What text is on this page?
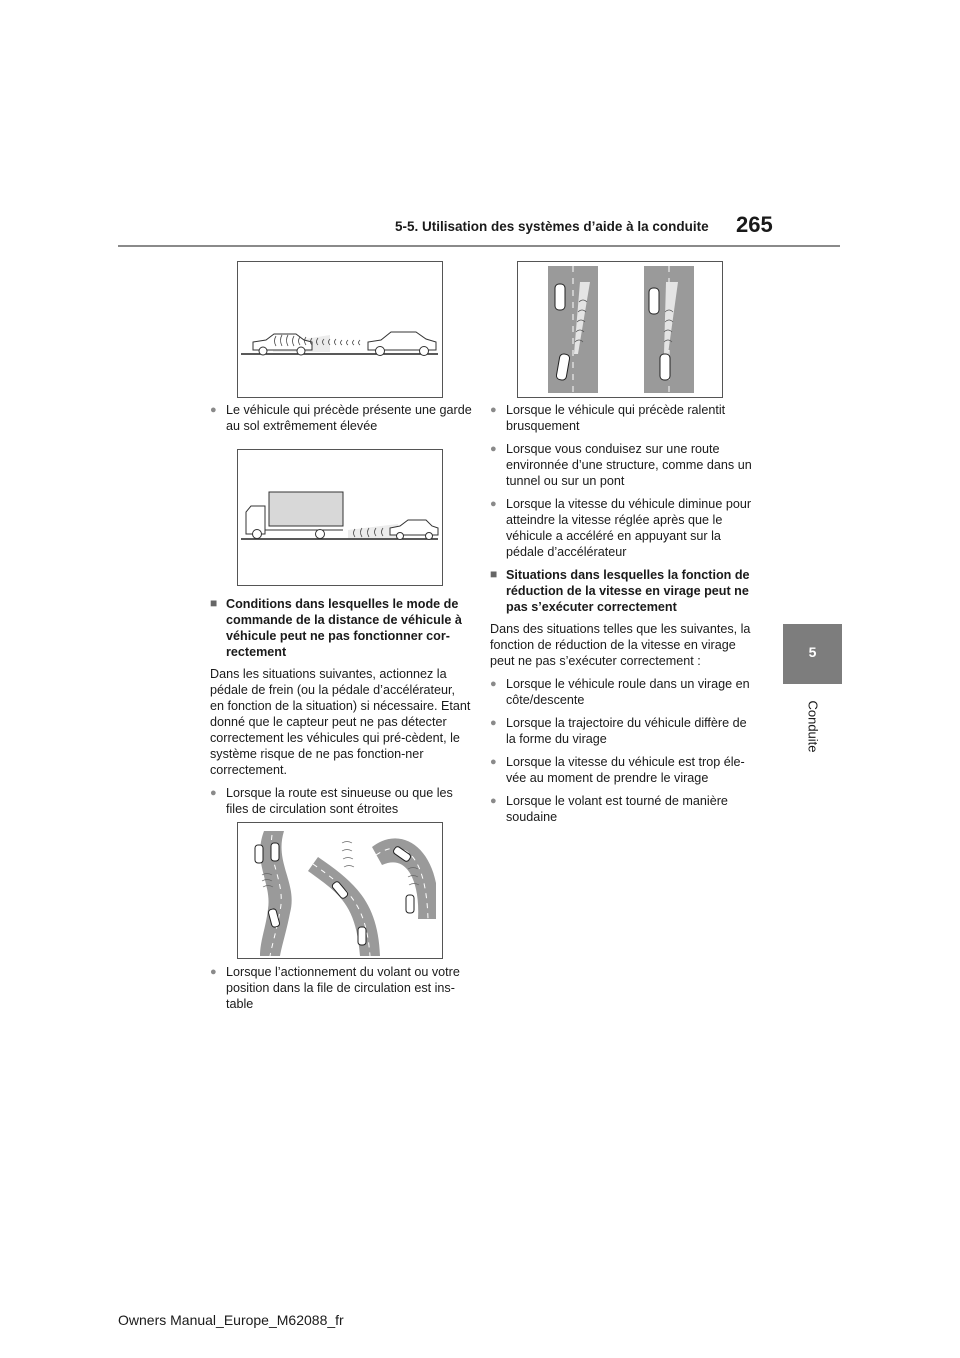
5-5. Utilisation des systèmes d’aide à la conduite 265
5
Conduite
● Le véhicule qui précède présente une garde au sol extrêmement élevée
■ Conditions dans lesquelles le mode de commande de la distance de véhicule à véhicule peut ne pas fonctionner cor-rectement
Dans les situations suivantes, actionnez la pédale de frein (ou la pédale d’accélérateur, en fonction de la situation) si nécessaire. Etant donné que le capteur peut ne pas détecter correctement les véhicules qui pré-cèdent, le système risque de ne pas fonction-ner correctement.
● Lorsque la route est sinueuse ou que les files de circulation sont étroites
● Lorsque l’actionnement du volant ou votre position dans la file de circulation est ins-table
● Lorsque le véhicule qui précède ralentit brusquement
● Lorsque vous conduisez sur une route environnée d’une structure, comme dans un tunnel ou sur un pont
● Lorsque la vitesse du véhicule diminue pour atteindre la vitesse réglée après que le véhicule a accéléré en appuyant sur la pédale d’accélérateur
■ Situations dans lesquelles la fonction de réduction de la vitesse en virage peut ne pas s’exécuter correctement
Dans des situations telles que les suivantes, la fonction de réduction de la vitesse en virage peut ne pas s’exécuter correctement :
● Lorsque le véhicule roule dans un virage en côte/descente
● Lorsque la trajectoire du véhicule diffère de la forme du virage
● Lorsque la vitesse du véhicule est trop éle-vée au moment de prendre le virage
● Lorsque le volant est tourné de manière soudaine
Owners Manual_Europe_M62088_fr
